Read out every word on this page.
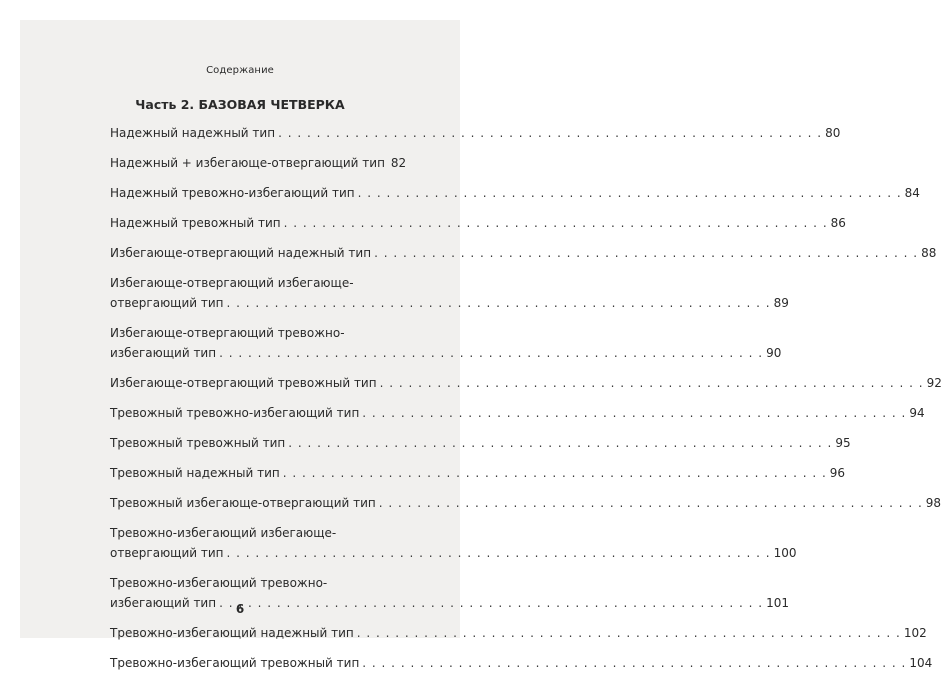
Содержание
Часть 2. БАЗОВАЯ ЧЕТВЕРКА
Надежный надежный тип . . .	80
Надежный + избегающе-отвергающий тип 82
Надежный тревожно-избегающий тип . . .	84
Надежный тревожный тип . . .	86
Избегающе-отвергающий надежный тип . . .	88
Избегающе-отвергающий избегающе-
отвергающий тип . . .	89
Избегающе-отвергающий тревожно-
избегающий тип . . .	90
Избегающе-отвергающий тревожный тип . . .	92
Тревожный тревожно-избегающий тип . . .	94
Тревожный тревожный тип . . .	95
Тревожный надежный тип . . .	96
Тревожный избегающе-отвергающий тип . . .	98
Тревожно-избегающий избегающе-
отвергающий тип . . .	100
Тревожно-избегающий тревожно-
избегающий тип . . .	101
Тревожно-избегающий надежный тип . . .	102
Тревожно-избегающий тревожный тип . . .	104
6
